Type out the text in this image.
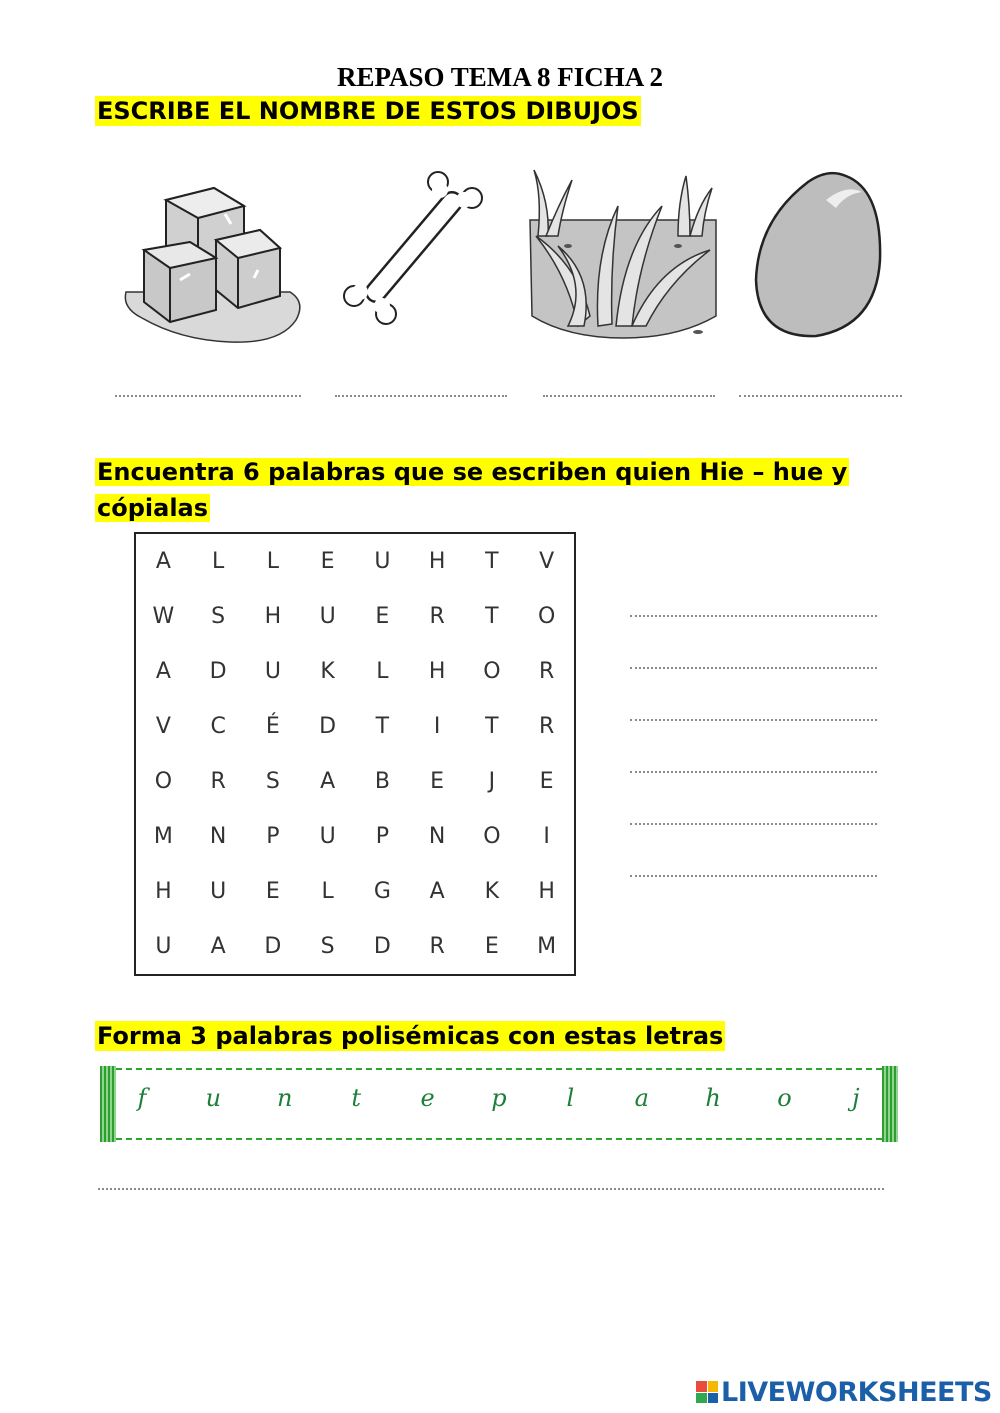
REPASO TEMA 8 FICHA 2
ESCRIBE EL NOMBRE DE ESTOS DIBUJOS
Encuentra 6 palabras que se escriben quien Hie – hue y
cópialas
A	L	L	E	U	H	T	V
W	S	H	U	E	R	T	O
A	D	U	K	L	H	O	R
V	C	É	D	T	I	T	R
O	R	S	A	B	E	J	E
M	N	P	U	P	N	O	I
H	U	E	L	G	A	K	H
U	A	D	S	D	R	E	M
Forma 3 palabras polisémicas con estas letras
f	u	n	t	e	p	l	a	h	o	j
LIVEWORKSHEETS
